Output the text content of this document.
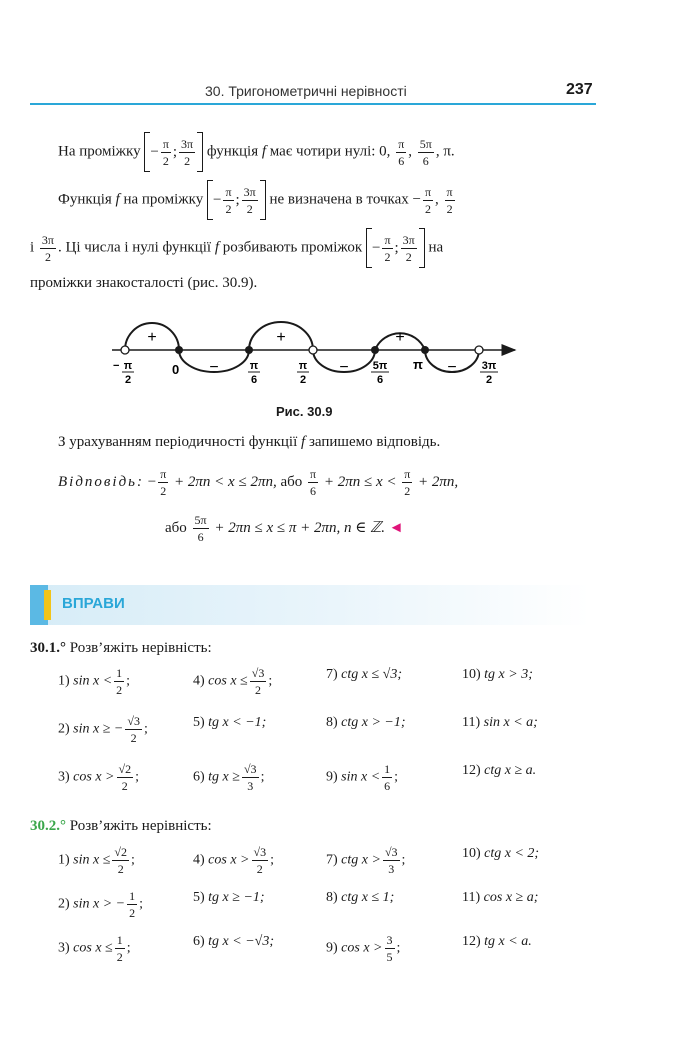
30. Тригонометричні нерівності	237
На проміжку − $\frac{\pi}{2}$ ; $\frac{3\pi}{2}$ функція f має чотири нулі: 0, $\frac{\pi}{6}$ , $\frac{5\pi}{6}$ , π.
Функція f на проміжку − $\frac{\pi}{2}$ ; $\frac{3\pi}{2}$ не визначена в точках − $\frac{\pi}{2}$ , $\frac{\pi}{2}$
і $\frac{3\pi}{2}$ . Ці числа і нулі функції f розбивають проміжок − $\frac{\pi}{2}$ ; $\frac{3\pi}{2}$ на
проміжки знакосталості (рис. 30.9).
+
−
+
−
+
−
− π
2
0	π
6
π
2
5π
6
π	3π
2
Рис. 30.9
З урахуванням періодичності функції f запишемо відповідь.
Відповідь: − $\frac{\pi}{2} + 2\pi n < x \le 2\pi n$, або $\frac{\pi}{6} + 2\pi n \le x < \frac{\pi}{2} + 2\pi n$,
або $\frac{5\pi}{6} + 2\pi n \le x \le \pi + 2\pi n$, n ∈ ℤ. ◄
ВПРАВИ
30.1.° Розв’яжіть нерівність:
1) $\sin x < \frac{1}{2}$ ;	4) $\cos x \le \frac{√3}{2}$ ;	7) ctg x ≤ √3;	10) tg x > 3;
2) sin x ≥ − $\frac{√3}{2}$ ;	5) tg x < −1;	8) ctg x > −1;	11) sin x < a;
3) $\cos x > \frac{√2}{2}$ ;	6) tg $x \ge \frac{√3}{3}$ ;	9) $\sin x < \frac{1}{6}$ ;	12) ctg x ≥ a.
30.2.° Розв’яжіть нерівність:
1) $\sin x \le \frac{√2}{2}$ ;	4) $\cos x > \frac{√3}{2}$ ;	7) ctg $x > \frac{√3}{3}$ ;	10) ctg x < 2;
2) sin x > − $\frac{1}{2}$ ;	5) tg x ≥ −1;	8) ctg x ≤ 1;	11) cos x ≥ a;
3) $\cos x \le \frac{1}{2}$ ;	6) tg x < −√3;	9) $\cos x > \frac{3}{5}$ ;	12) tg x < a.
